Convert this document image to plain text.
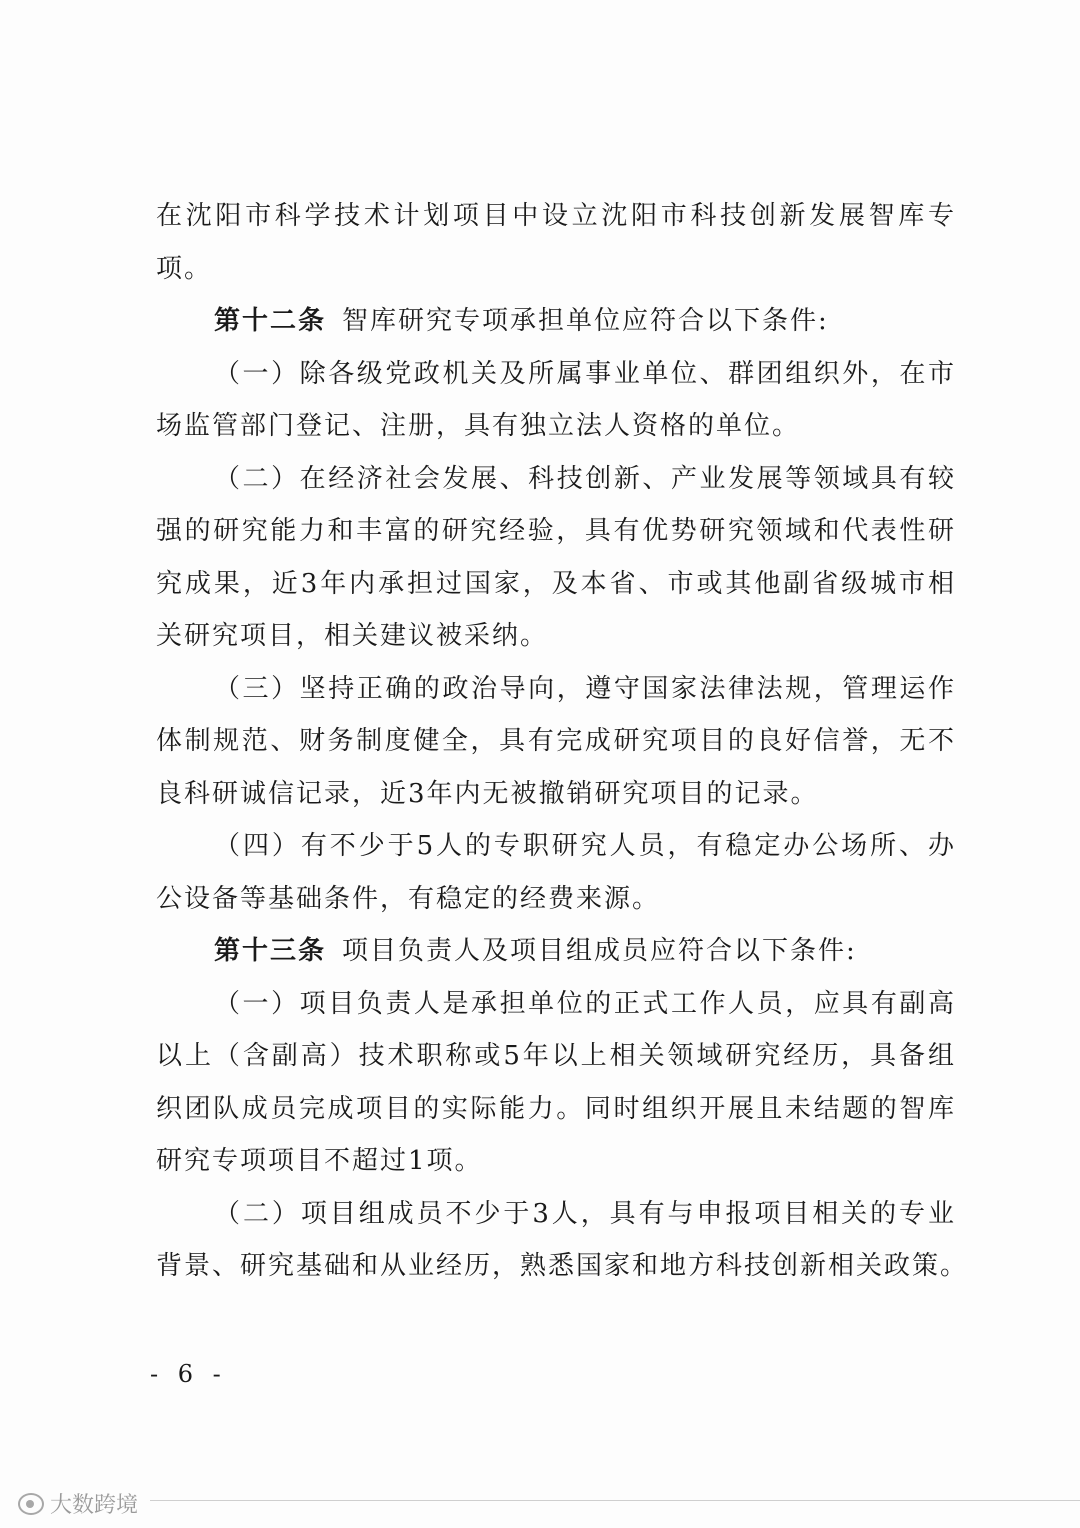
在沈阳市科学技术计划项目中设立沈阳市科技创新发展智库专
项。
第十二条 智库研究专项承担单位应符合以下条件:
（一）除各级党政机关及所属事业单位、群团组织外，在市
场监管部门登记、注册，具有独立法人资格的单位。
（二）在经济社会发展、科技创新、产业发展等领域具有较
强的研究能力和丰富的研究经验，具有优势研究领域和代表性研
究成果，近3年内承担过国家，及本省、市或其他副省级城市相
关研究项目，相关建议被采纳。
（三）坚持正确的政治导向，遵守国家法律法规，管理运作
体制规范、财务制度健全，具有完成研究项目的良好信誉，无不
良科研诚信记录，近3年内无被撤销研究项目的记录。
（四）有不少于5人的专职研究人员，有稳定办公场所、办
公设备等基础条件，有稳定的经费来源。
第十三条 项目负责人及项目组成员应符合以下条件:
（一）项目负责人是承担单位的正式工作人员，应具有副高
以上（含副高）技术职称或5年以上相关领域研究经历，具备组
织团队成员完成项目的实际能力。同时组织开展且未结题的智库
研究专项项目不超过1项。
（二）项目组成员不少于3人，具有与申报项目相关的专业
背景、研究基础和从业经历，熟悉国家和地方科技创新相关政策。
- 6 -
大数跨境
